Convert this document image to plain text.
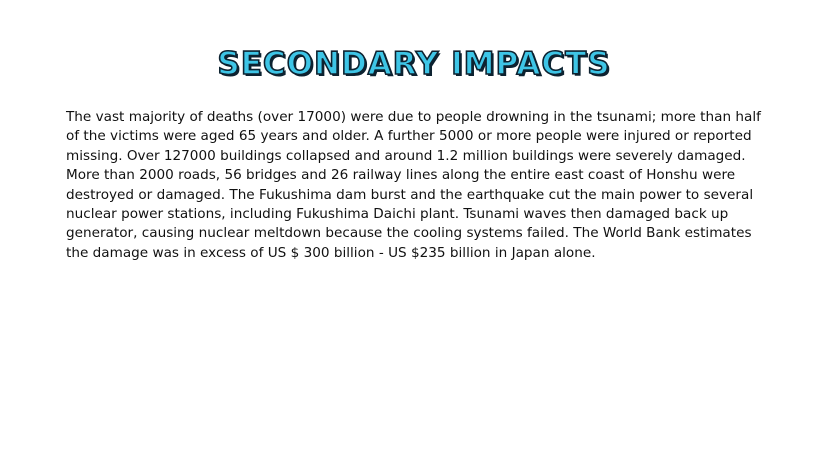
SECONDARY IMPACTS

The vast majority of deaths (over 17000) were due to people drowning in the tsunami; more than half of the victims were aged 65 years and older. A further 5000 or more people were injured or reported missing. Over 127000 buildings collapsed and around 1.2 million buildings were severely damaged. More than 2000 roads, 56 bridges and 26 railway lines along the entire east coast of Honshu were destroyed or damaged. The Fukushima dam burst and the earthquake cut the main power to several nuclear power stations, including Fukushima Daichi plant. Tsunami waves then damaged back up generator, causing nuclear meltdown because the cooling systems failed. The World Bank estimates the damage was in excess of US $ 300 billion - US $235 billion in Japan alone.
